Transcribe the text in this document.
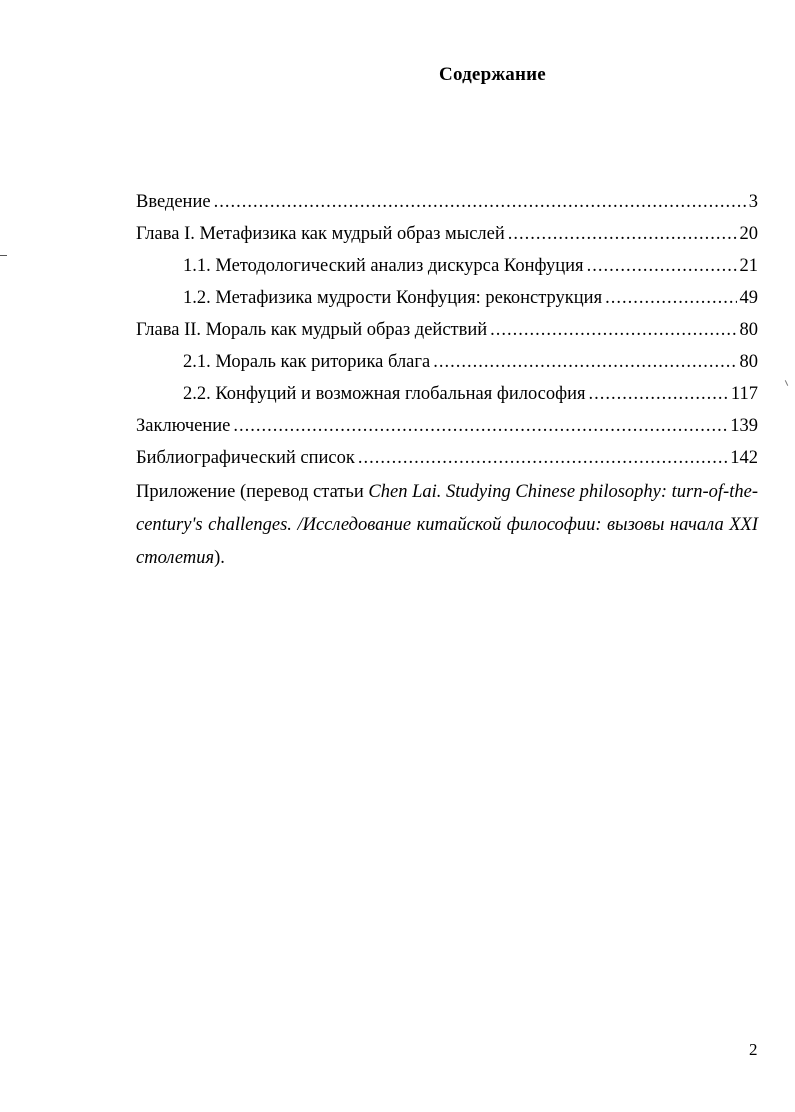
Содержание
Введение .....	3
Глава I. Метафизика как мудрый образ мыслей .....	20
1.1. Методологический анализ дискурса Конфуция .....	21
1.2. Метафизика мудрости Конфуция: реконструкция .....	49
Глава II. Мораль как мудрый образ действий .....	80
2.1. Мораль как риторика блага .....	80
2.2. Конфуций и возможная глобальная философия .....	117
Заключение .....	139
Библиографический список .....	142
Приложение (перевод статьи Chen Lai. Studying Chinese philosophy: turn-of-the-century's challenges. /Исследование китайской философии: вызовы начала XXI столетия).
2
